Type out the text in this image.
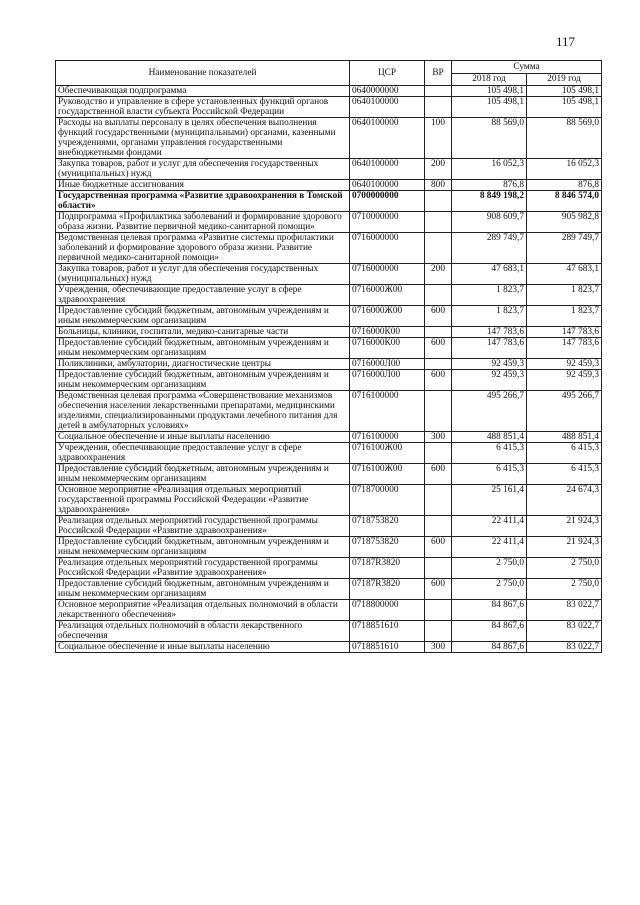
117
Наименование показателей	ЦСР	ВР	Сумма	
			2018 год	2019 год
Обеспечивающая подпрограмма	0640000000		105 498,1	105 498,1
Руководство и управление в сфере установленных функций органов государственной власти субъекта Российской Федерации	0640100000		105 498,1	105 498,1
Расходы на выплаты персоналу в целях обеспечения выполнения функций государственными (муниципальными) органами, казенными учреждениями, органами управления государственными внебюджетными фондами	0640100000	100	88 569,0	88 569,0
Закупка товаров, работ и услуг для обеспечения государственных (муниципальных) нужд	0640100000	200	16 052,3	16 052,3
Иные бюджетные ассигнования	0640100000	800	876,8	876,8
Государственная программа «Развитие здравоохранения в Томской области»	0700000000		8 849 198,2	8 846 574,0
Подпрограмма «Профилактика заболеваний и формирование здорового образа жизни. Развитие первичной медико-санитарной помощи»	0710000000		908 609,7	905 982,8
Ведомственная целевая программа «Развитие системы профилактики заболеваний и формирование здорового образа жизни. Развитие первичной медико-санитарной помощи»	0716000000		289 749,7	289 749,7
Закупка товаров, работ и услуг для обеспечения государственных (муниципальных) нужд	0716000000	200	47 683,1	47 683,1
Учреждения, обеспечивающие предоставление услуг в сфере здравоохранения	0716000Ж00		1 823,7	1 823,7
Предоставление субсидий бюджетным, автономным учреждениям и иным некоммерческим организациям	0716000Ж00	600	1 823,7	1 823,7
Больницы, клиники, госпитали, медико-санитарные части	0716000К00		147 783,6	147 783,6
Предоставление субсидий бюджетным, автономным учреждениям и иным некоммерческим организациям	0716000К00	600	147 783,6	147 783,6
Поликлиники, амбулатории, диагностические центры	0716000Л00		92 459,3	92 459,3
Предоставление субсидий бюджетным, автономным учреждениям и иным некоммерческим организациям	0716000Л00	600	92 459,3	92 459,3
Ведомственная целевая программа «Совершенствование механизмов обеспечения населения лекарственными препаратами, медицинскими изделиями, специализированными продуктами лечебного питания для детей в амбулаторных условиях»	0716100000		495 266,7	495 266,7
Социальное обеспечение и иные выплаты населению	0716100000	300	488 851,4	488 851,4
Учреждения, обеспечивающие предоставление услуг в сфере здравоохранения	0716100Ж00		6 415,3	6 415,3
Предоставление субсидий бюджетным, автономным учреждениям и иным некоммерческим организациям	0716100Ж00	600	6 415,3	6 415,3
Основное мероприятие «Реализация отдельных мероприятий государственной программы Российской Федерации «Развитие здравоохранения»	0718700000		25 161,4	24 674,3
Реализация отдельных мероприятий государственной программы Российской Федерации «Развитие здравоохранения»	0718753820		22 411,4	21 924,3
Предоставление субсидий бюджетным, автономным учреждениям и иным некоммерческим организациям	0718753820	600	22 411,4	21 924,3
Реализация отдельных мероприятий государственной программы Российской Федерации «Развитие здравоохранения»	07187R3820		2 750,0	2 750,0
Предоставление субсидий бюджетным, автономным учреждениям и иным некоммерческим организациям	07187R3820	600	2 750,0	2 750,0
Основное мероприятие «Реализация отдельных полномочий в области лекарственного обеспечения»	0718800000		84 867,6	83 022,7
Реализация отдельных полномочий в области лекарственного обеспечения	0718851610		84 867,6	83 022,7
Социальное обеспечение и иные выплаты населению	0718851610	300	84 867,6	83 022,7
